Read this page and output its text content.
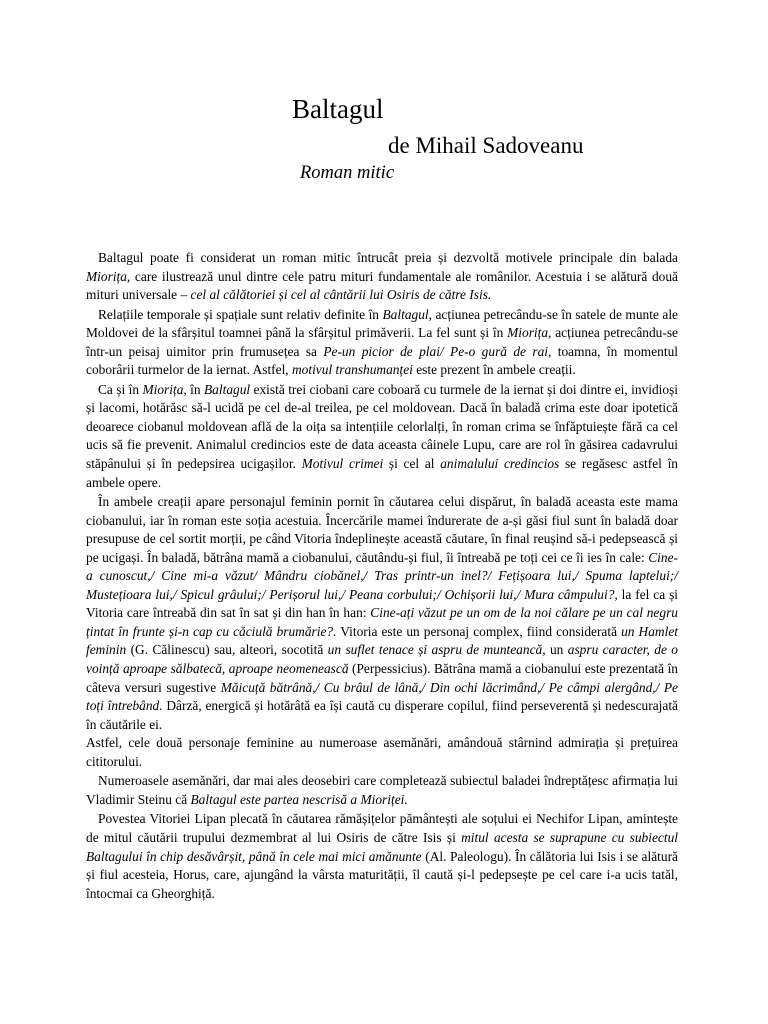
Baltagul
de Mihail Sadoveanu
Roman mitic

Baltagul poate fi considerat un roman mitic întrucât preia și dezvoltă motivele principale din balada Miorița, care ilustrează unul dintre cele patru mituri fundamentale ale românilor. Acestuia i se alătură două mituri universale – cel al călătoriei și cel al cântării lui Osiris de către Isis.

Relațiile temporale și spațiale sunt relativ definite în Baltagul, acțiunea petrecându-se în satele de munte ale Moldovei de la sfârșitul toamnei până la sfârșitul primăverii. La fel sunt și în Miorița, acțiunea petrecându-se într-un peisaj uimitor prin frumusețea sa Pe-un picior de plai/ Pe-o gură de rai, toamna, în momentul coborârii turmelor de la iernat. Astfel, motivul transhumanței este prezent în ambele creații.

Ca și în Miorița, în Baltagul există trei ciobani care coboară cu turmele de la iernat și doi dintre ei, invidioși și lacomi, hotărăsc să-l ucidă pe cel de-al treilea, pe cel moldovean. Dacă în baladă crima este doar ipotetică deoarece ciobanul moldovean află de la oița sa intențiile celorlalți, în roman crima se înfăptuiește fără ca cel ucis să fie prevenit. Animalul credincios este de data aceasta câinele Lupu, care are rol în găsirea cadavrului stăpânului și în pedepsirea ucigașilor. Motivul crimei și cel al animalului credincios se regăsesc astfel în ambele opere.

În ambele creații apare personajul feminin pornit în căutarea celui dispărut, în baladă aceasta este mama ciobanului, iar în roman este soția acestuia. Încercările mamei îndurerate de a-și găsi fiul sunt în baladă doar presupuse de cel sortit morții, pe când Vitoria îndeplinește această căutare, în final reușind să-i pedepsească și pe ucigași. În baladă, bătrâna mamă a ciobanului, căutându-și fiul, îi întreabă pe toți cei ce îi ies în cale: Cine-a cunoscut,/ Cine mi-a văzut/ Mândru ciobănel,/ Tras printr-un inel?/ Fețișoara lui,/ Spuma laptelui;/ Mustețioara lui,/ Spicul grâului;/ Perișorul lui,/ Peana corbului;/ Ochișorii lui,/ Mura câmpului?, la fel ca și Vitoria care întreabă din sat în sat și din han în han: Cine-ați văzut pe un om de la noi călare pe un cal negru țintat în frunte și-n cap cu căciulă brumărie?. Vitoria este un personaj complex, fiind considerată un Hamlet feminin (G. Călinescu) sau, alteori, socotită un suflet tenace și aspru de munteancă, un aspru caracter, de o voință aproape sălbatecă, aproape neomenească (Perpessicius). Bătrâna mamă a ciobanului este prezentată în câteva versuri sugestive Măicuță bătrână,/ Cu brâul de lână,/ Din ochi lăcrimând,/ Pe câmpi alergând,/ Pe toți întrebând. Dârză, energică și hotărâtă ea își caută cu disperare copilul, fiind perseverentă și nedescurajată în căutările ei.

Astfel, cele două personaje feminine au numeroase asemănări, amândouă stârnind admirația și prețuirea cititorului.

Numeroasele asemănări, dar mai ales deosebiri care completează subiectul baladei îndreptățesc afirmația lui Vladimir Steinu că Baltagul este partea nescrisă a Mioriței.

Povestea Vitoriei Lipan plecată în căutarea rămășițelor pământești ale soțului ei Nechifor Lipan, amintește de mitul căutării trupului dezmembrat al lui Osiris de către Isis și mitul acesta se suprapune cu subiectul Baltagului în chip desăvârșit, până în cele mai mici amănunte (Al. Paleologu). În călătoria lui Isis i se alătură și fiul acesteia, Horus, care, ajungând la vârsta maturității, îl caută și-l pedepsește pe cel care i-a ucis tatăl, întocmai ca Gheorghiță.
